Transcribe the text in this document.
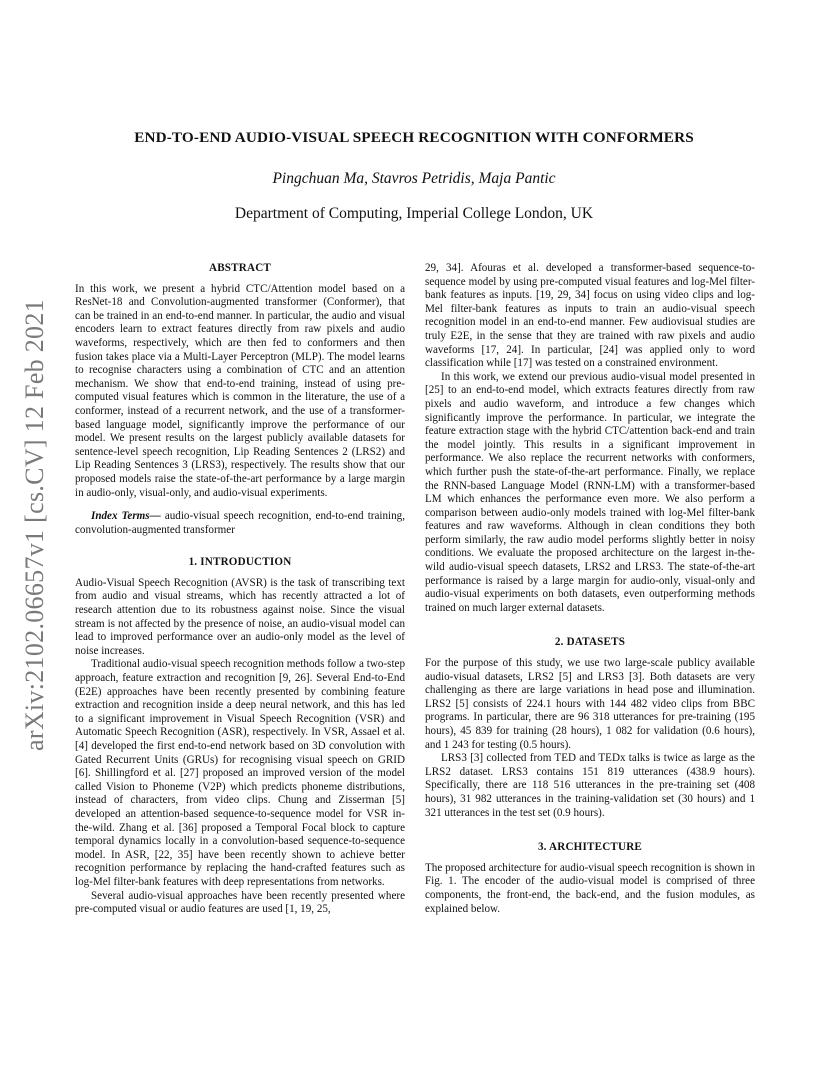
arXiv:2102.06657v1 [cs.CV] 12 Feb 2021
END-TO-END AUDIO-VISUAL SPEECH RECOGNITION WITH CONFORMERS
Pingchuan Ma, Stavros Petridis, Maja Pantic
Department of Computing, Imperial College London, UK
ABSTRACT

In this work, we present a hybrid CTC/Attention model based on a ResNet-18 and Convolution-augmented transformer (Conformer), that can be trained in an end-to-end manner. In particular, the audio and visual encoders learn to extract features directly from raw pixels and audio waveforms, respectively, which are then fed to conformers and then fusion takes place via a Multi-Layer Perceptron (MLP). The model learns to recognise characters using a combination of CTC and an attention mechanism. We show that end-to-end training, instead of using pre-computed visual features which is common in the literature, the use of a conformer, instead of a recurrent network, and the use of a transformer-based language model, significantly improve the performance of our model. We present results on the largest publicly available datasets for sentence-level speech recognition, Lip Reading Sentences 2 (LRS2) and Lip Reading Sentences 3 (LRS3), respectively. The results show that our proposed models raise the state-of-the-art performance by a large margin in audio-only, visual-only, and audio-visual experiments.

Index Terms— audio-visual speech recognition, end-to-end training, convolution-augmented transformer

1. INTRODUCTION

Audio-Visual Speech Recognition (AVSR) is the task of transcribing text from audio and visual streams, which has recently attracted a lot of research attention due to its robustness against noise. Since the visual stream is not affected by the presence of noise, an audio-visual model can lead to improved performance over an audio-only model as the level of noise increases.

Traditional audio-visual speech recognition methods follow a two-step approach, feature extraction and recognition [9, 26]. Several End-to-End (E2E) approaches have been recently presented by combining feature extraction and recognition inside a deep neural network, and this has led to a significant improvement in Visual Speech Recognition (VSR) and Automatic Speech Recognition (ASR), respectively. In VSR, Assael et al. [4] developed the first end-to-end network based on 3D convolution with Gated Recurrent Units (GRUs) for recognising visual speech on GRID [6]. Shillingford et al. [27] proposed an improved version of the model called Vision to Phoneme (V2P) which predicts phoneme distributions, instead of characters, from video clips. Chung and Zisserman [5] developed an attention-based sequence-to-sequence model for VSR in-the-wild. Zhang et al. [36] proposed a Temporal Focal block to capture temporal dynamics locally in a convolution-based sequence-to-sequence model. In ASR, [22, 35] have been recently shown to achieve better recognition performance by replacing the hand-crafted features such as log-Mel filter-bank features with deep representations from networks.

Several audio-visual approaches have been recently presented where pre-computed visual or audio features are used [1, 19, 25,

29, 34]. Afouras et al. developed a transformer-based sequence-to-sequence model by using pre-computed visual features and log-Mel filter-bank features as inputs. [19, 29, 34] focus on using video clips and log-Mel filter-bank features as inputs to train an audio-visual speech recognition model in an end-to-end manner. Few audiovisual studies are truly E2E, in the sense that they are trained with raw pixels and audio waveforms [17, 24]. In particular, [24] was applied only to word classification while [17] was tested on a constrained environment.

In this work, we extend our previous audio-visual model presented in [25] to an end-to-end model, which extracts features directly from raw pixels and audio waveform, and introduce a few changes which significantly improve the performance. In particular, we integrate the feature extraction stage with the hybrid CTC/attention back-end and train the model jointly. This results in a significant improvement in performance. We also replace the recurrent networks with conformers, which further push the state-of-the-art performance. Finally, we replace the RNN-based Language Model (RNN-LM) with a transformer-based LM which enhances the performance even more. We also perform a comparison between audio-only models trained with log-Mel filter-bank features and raw waveforms. Although in clean conditions they both perform similarly, the raw audio model performs slightly better in noisy conditions. We evaluate the proposed architecture on the largest in-the-wild audio-visual speech datasets, LRS2 and LRS3. The state-of-the-art performance is raised by a large margin for audio-only, visual-only and audio-visual experiments on both datasets, even outperforming methods trained on much larger external datasets.

2. DATASETS

For the purpose of this study, we use two large-scale publicy available audio-visual datasets, LRS2 [5] and LRS3 [3]. Both datasets are very challenging as there are large variations in head pose and illumination. LRS2 [5] consists of 224.1 hours with 144 482 video clips from BBC programs. In particular, there are 96 318 utterances for pre-training (195 hours), 45 839 for training (28 hours), 1 082 for validation (0.6 hours), and 1 243 for testing (0.5 hours).

LRS3 [3] collected from TED and TEDx talks is twice as large as the LRS2 dataset. LRS3 contains 151 819 utterances (438.9 hours). Specifically, there are 118 516 utterances in the pre-training set (408 hours), 31 982 utterances in the training-validation set (30 hours) and 1 321 utterances in the test set (0.9 hours).

3. ARCHITECTURE

The proposed architecture for audio-visual speech recognition is shown in Fig. 1. The encoder of the audio-visual model is comprised of three components, the front-end, the back-end, and the fusion modules, as explained below.
